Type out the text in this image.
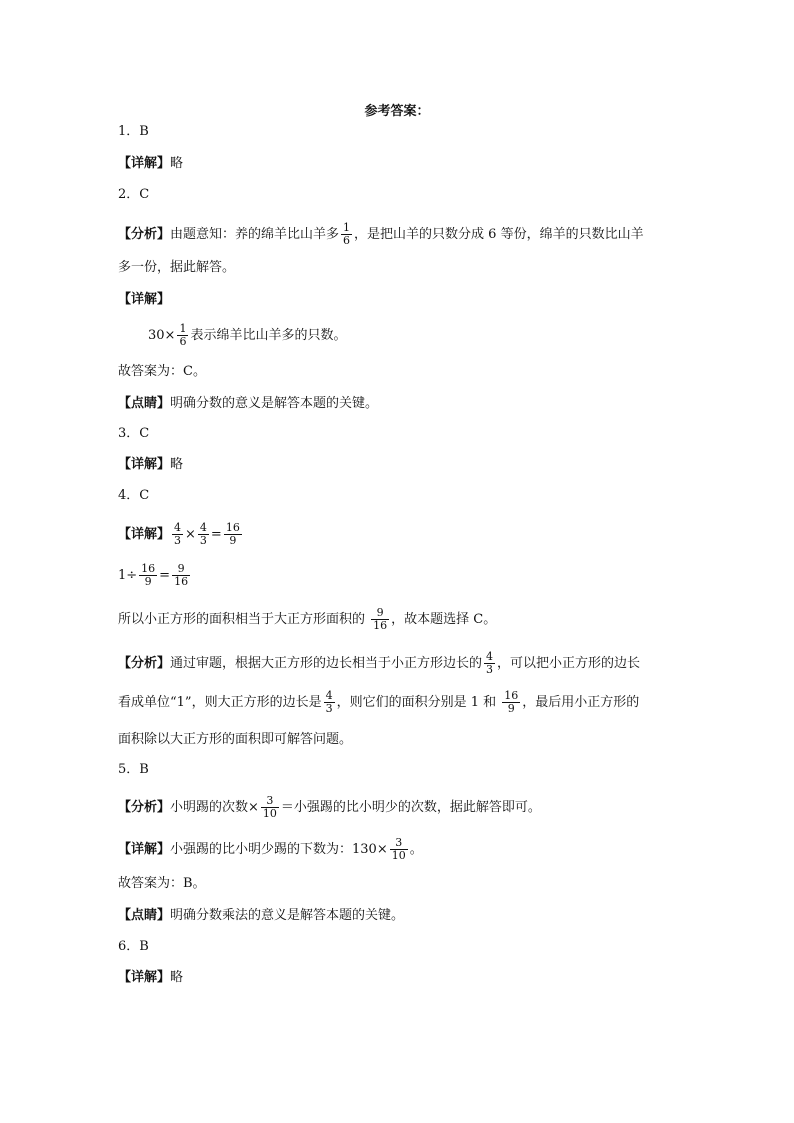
参考答案：
1．B
【详解】略
2．C
【分析】由题意知：养的绵羊比山羊多 $\frac{1}{6}$ ，是把山羊的只数分成 6 等份，绵羊的只数比山羊
多一份，据此解答。
【详解】
$30\times \frac{1}{6}$ 表示绵羊比山羊多的只数。
故答案为：C。
【点睛】明确分数的意义是解答本题的关键。
3．C
【详解】略
4．C
【详解】 $\frac{4}{3} \times \frac{4}{3} = \frac{16}{9}$
$1\div \frac{16}{9} = \frac{9}{16}$
所以小正方形的面积相当于大正方形面积的 $\frac{9}{16}$ ，故本题选择 C。
【分析】通过审题，根据大正方形的边长相当于小正方形边长的 $\frac{4}{3}$ ，可以把小正方形的边长
看成单位“1”，则大正方形的边长是 $\frac{4}{3}$ ，则它们的面积分别是 1 和 $\frac{16}{9}$ ，最后用小正方形的
面积除以大正方形的面积即可解答问题。
5．B
【分析】小明踢的次数× $\frac{3}{10}$ ＝小强踢的比小明少的次数，据此解答即可。
【详解】小强踢的比小明少踢的下数为：$130\times \frac{3}{10}$ 。
故答案为：B。
【点睛】明确分数乘法的意义是解答本题的关键。
6．B
【详解】略
